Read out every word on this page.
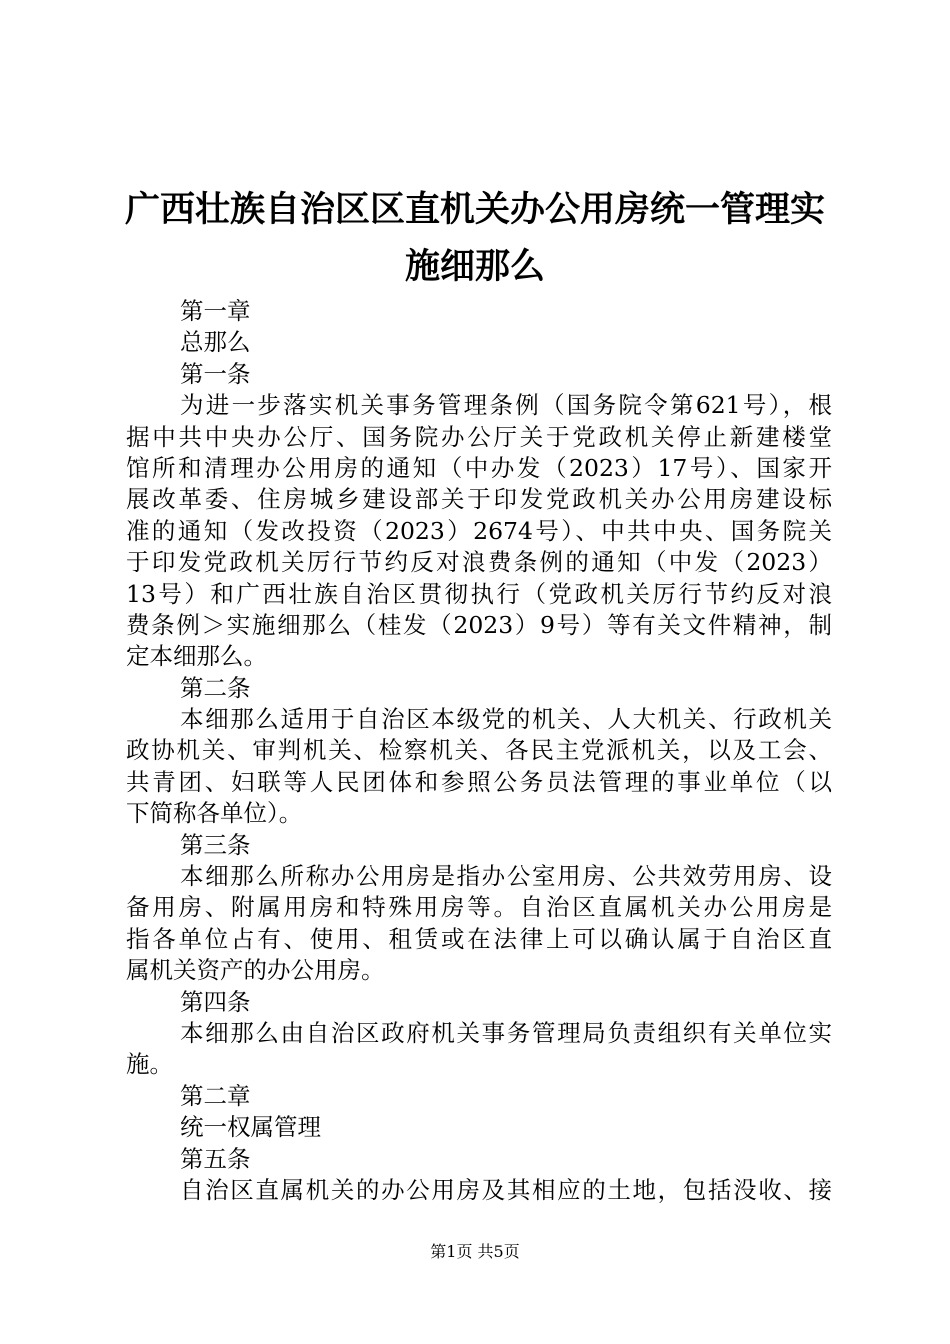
广西壮族自治区区直机关办公用房统一管理实
施细那么
第一章
总那么
第一条
为进一步落实机关事务管理条例（国务院令第621号），根
据中共中央办公厅、国务院办公厅关于党政机关停止新建楼堂
馆所和清理办公用房的通知（中办发（2023）17号）、国家开
展改革委、住房城乡建设部关于印发党政机关办公用房建设标
准的通知（发改投资（2023）2674号）、中共中央、国务院关
于印发党政机关厉行节约反对浪费条例的通知（中发（2023）
13号）和广西壮族自治区贯彻执行（党政机关厉行节约反对浪
费条例＞实施细那么（桂发（2023）9号）等有关文件精神，制
定本细那么。
第二条
本细那么适用于自治区本级党的机关、人大机关、行政机关
政协机关、审判机关、检察机关、各民主党派机关，以及工会、
共青团、妇联等人民团体和参照公务员法管理的事业单位（以
下简称各单位）。
第三条
本细那么所称办公用房是指办公室用房、公共效劳用房、设
备用房、附属用房和特殊用房等。自治区直属机关办公用房是
指各单位占有、使用、租赁或在法律上可以确认属于自治区直
属机关资产的办公用房。
第四条
本细那么由自治区政府机关事务管理局负责组织有关单位实
施。
第二章
统一权属管理
第五条
自治区直属机关的办公用房及其相应的土地，包括没收、接
第1页 共5页
